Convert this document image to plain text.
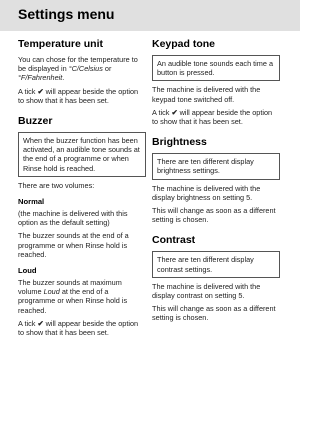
Settings menu
Temperature unit

You can chose for the temperature to be displayed in °C/Celsius or °F/Fahrenheit.

A tick ✔ will appear beside the option to show that it has been set.

Buzzer
When the buzzer function has been activated, an audible tone sounds at the end of a programme or when Rinse hold is reached.

There are two volumes:

Normal

(the machine is delivered with this option as the default setting)

The buzzer sounds at the end of a programme or when Rinse hold is reached.

Loud

The buzzer sounds at maximum volume Loud at the end of a programme or when Rinse hold is reached.

A tick ✔ will appear beside the option to show that it has been set.

Keypad tone
An audible tone sounds each time a button is pressed.

The machine is delivered with the keypad tone switched off.

A tick ✔ will appear beside the option to show that it has been set.

Brightness
There are ten different display brightness settings.

The machine is delivered with the display brightness on setting 5.

This will change as soon as a different setting is chosen.

Contrast
There are ten different display contrast settings.

The machine is delivered with the display contrast on setting 5.

This will change as soon as a different setting is chosen.
